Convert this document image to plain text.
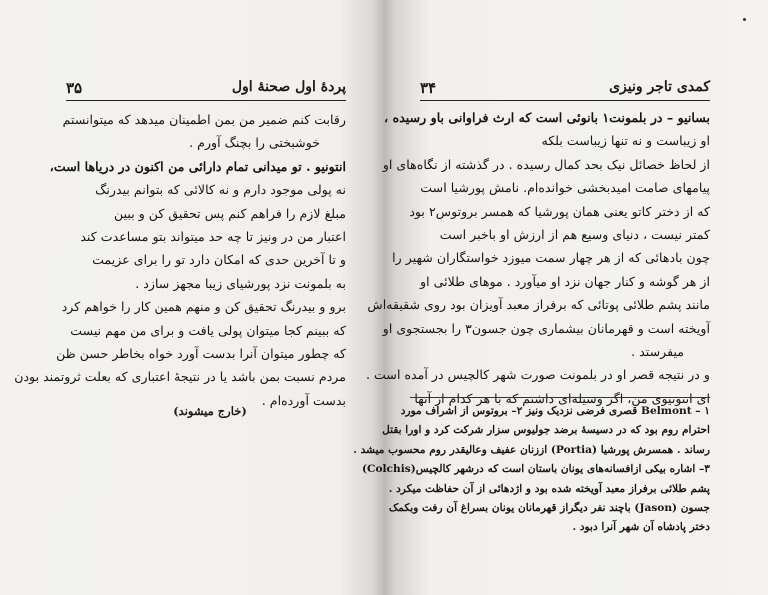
پردهٔ اول صحنهٔ اول
۳۵
رقابت کنم ضمیر من بمن اطمینان میدهد که میتوانستم
خوشبختی را بچنگ آورم .
انتونیو . تو میدانی تمام دارائی من اکنون در دریاها است،
نه پولی موجود دارم و نه کالائی که بتوانم بیدرنگ
مبلغ لازم را فراهم کنم پس تحقیق کن و ببین
اعتبار من در ونیز تا چه حد میتواند بتو مساعدت کند
و تا آخرین حدی که امکان دارد تو را برای عزیمت
به بلمونت نزد پورشیای زیبا مجهز سازد .
برو و بیدرنگ تحقیق کن و منهم همین کار را خواهم کرد
که ببینم کجا میتوان پولی یافت و برای من مهم نیست
که چطور میتوان آنرا بدست آورد خواه بخاطر حسن ظن
مردم نسبت بمن باشد یا در نتیجهٔ اعتباری که بعلت ثروتمند بودن
بدست آورده‌ام .
(خارج میشوند)
کمدی تاجر ونیزی
۳۴
بسانیو – در بلمونت۱ بانوئی است که ارث فراوانی باو رسیده ،
او زیباست و نه تنها زیباست بلکه
از لحاظ خصائل نیک بحد کمال رسیده . در گذشته از نگاه‌های او
پیامهای صامت امیدبخشی خوانده‌ام. نامش پورشیا است
که از دختر کاتو یعنی همان پورشیا که همسر بروتوس۲ بود
کمتر نیست ، دنیای وسیع هم از ارزش او باخبر است
چون بادهائی که از هر چهار سمت میوزد خواستگاران شهیر را
از هر گوشه و کنار جهان نزد او میآورد . موهای طلائی او
مانند پشم طلائی پوتائی که برفراز معبد آویزان بود روی شقیقه‌اش
آویخته است و قهرمانان بیشماری چون جسون۳ را بجستجوی او
میفرستد .
و در نتیجه قصر او در بلمونت صورت شهر کالچیس در آمده است .
ای انتونیوی من، اگر وسیله‌ای داشتم که با هر کدام از آنها
۱ – Belmont قصری فرضی نزدیک ونیز ۲– بروتوس از اشراف مورد
احترام روم بود که در دسیسهٔ برضد جولیوس سزار شرکت کرد و اورا بقتل
رساند . همسرش پورشیا (Portia) اززنان عفیف وعالیقدر روم محسوب میشد .
۳– اشاره بیکی ازافسانه‌های یونان باستان است که درشهر کالچیس(Colchis)
پشم طلائی برفراز معبد آویخته شده بود و اژدهائی از آن حفاظت میکرد .
جسون (Jason) باچند نفر دیگراز قهرمانان یونان بسراغ آن رفت وبکمک
دختر پادشاه آن شهر آنرا دبود .
